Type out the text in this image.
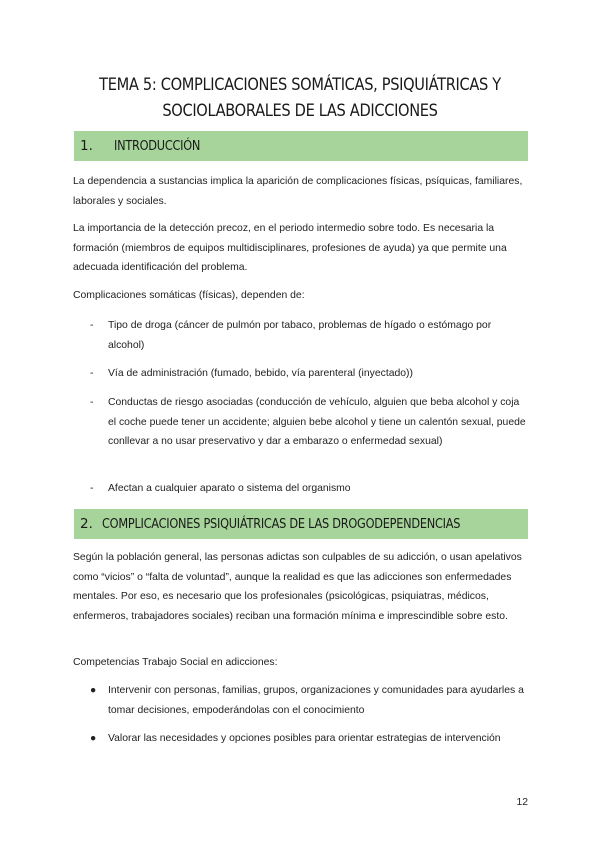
TEMA 5: COMPLICACIONES SOMÁTICAS, PSIQUIÁTRICAS Y
SOCIOLABORALES DE LAS ADICCIONES
1.	INTRODUCCIÓN
La dependencia a sustancias implica la aparición de complicaciones físicas, psíquicas, familiares, laborales y sociales.
La importancia de la detección precoz, en el periodo intermedio sobre todo. Es necesaria la formación (miembros de equipos multidisciplinares, profesiones de ayuda) ya que permite una adecuada identificación del problema.
Complicaciones somáticas (físicas), dependen de:
-	Tipo de droga (cáncer de pulmón por tabaco, problemas de hígado o estómago por alcohol)
-	Vía de administración (fumado, bebido, vía parenteral (inyectado))
-	Conductas de riesgo asociadas (conducción de vehículo, alguien que beba alcohol y coja el coche puede tener un accidente; alguien bebe alcohol y tiene un calentón sexual, puede conllevar a no usar preservativo y dar a embarazo o enfermedad sexual)
-	Afectan a cualquier aparato o sistema del organismo
2. COMPLICACIONES PSIQUIÁTRICAS DE LAS DROGODEPENDENCIAS
Según la población general, las personas adictas son culpables de su adicción, o usan apelativos como “vicios” o “falta de voluntad”, aunque la realidad es que las adicciones son enfermedades mentales. Por eso, es necesario que los profesionales (psicológicas, psiquiatras, médicos, enfermeros, trabajadores sociales) reciban una formación mínima e imprescindible sobre esto.
Competencias Trabajo Social en adicciones:
●	Intervenir con personas, familias, grupos, organizaciones y comunidades para ayudarles a tomar decisiones, empoderándolas con el conocimiento
●	Valorar las necesidades y opciones posibles para orientar estrategias de intervención
12
